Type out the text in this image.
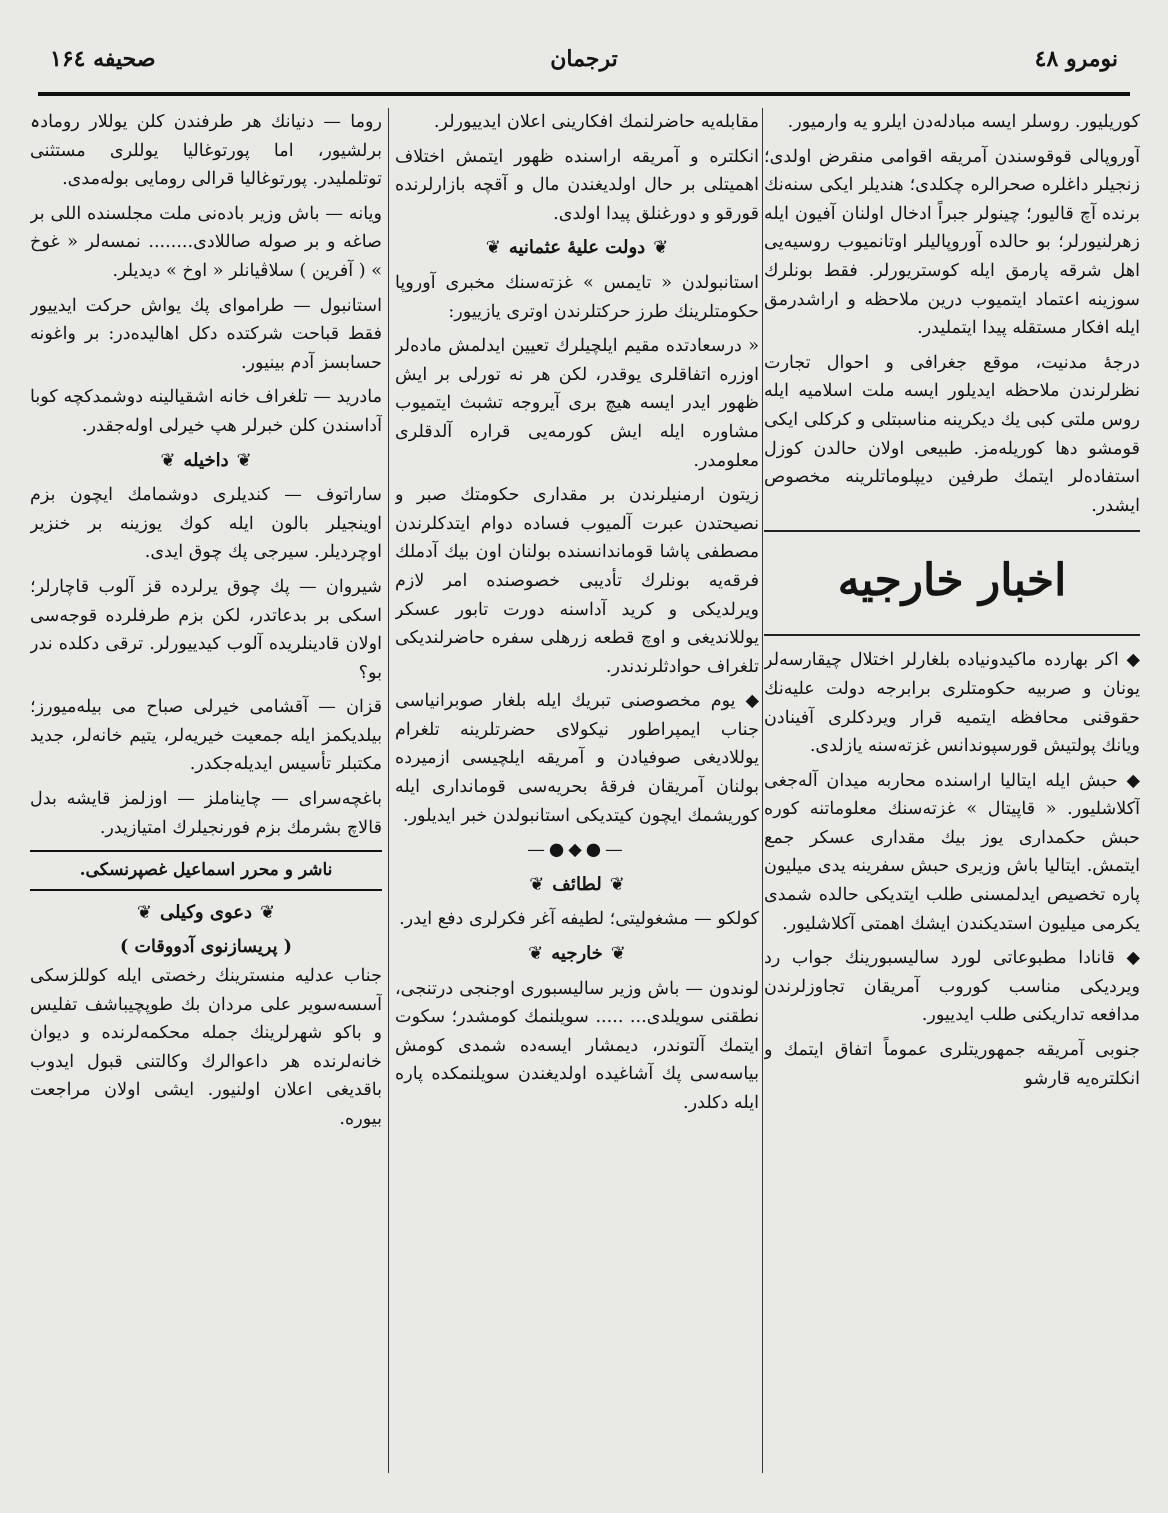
صحیفه ۱۶٤	ترجمان	نومرو ٤۸

کوریلیور. روسلر ایسه مبادله‌دن ایلرو یه وارمیور.

آوروپالی قوقوسندن آمریقه اقوامی منقرض اولدی؛ زنجیلر داغلره صحرالره چکلدی؛ هندیلر ایکی سنه‌نك برنده آچ قالیور؛ چینولر جبراً ادخال اولنان آفیون ایله زهرلنیورلر؛ بو حالده آوروپالیلر اوتانمیوب روسیه‌یی اهل شرقه پارمق ایله کوستریورلر. فقط بونلرك سوزینه اعتماد ایتمیوب درین ملاحظه و اراشدرمق ایله افکار مستقله پیدا ایتملیدر.

درجهٔ مدنیت، موقع جغرافی و احوال تجارت نظرلرندن ملاحظه ایدیلور ایسه ملت اسلامیه ایله روس ملتی کبی یك دیکرینه مناسبتلی و کرکلی ایکی قومشو دها کوریله‌مز. طبیعی اولان حالدن کوزل استفاده‌لر ایتمك طرفین دیپلوماتلرینه مخصوص ایشدر.

اخبار خارجیه

◆ اکر بهارده ماکیدونیاده بلغارلر اختلال چیقارسه‌لر یونان و صربیه حکومتلری برابرجه دولت علیه‌نك حقوقنی محافظه ایتمیه قرار ویردکلری آفینادن ویانك پولتیش قورسپوندانس غزته‌سنه یازلدی.

◆ حبش ایله ایتالیا اراسنده محاربه میدان آله‌جغی آکلاشلیور. « قاپیتال » غزته‌سنك معلوماتنه کوره حبش حکمداری یوز بیك مقداری عسکر جمع ایتمش. ایتالیا باش وزیری حبش سفرینه یدی میلیون پاره تخصیص ایدلمسنی طلب ایتدیکی حالده شمدی یکرمی میلیون استدیکندن ایشك اهمتی آکلاشلیور.

◆ قانادا مطبوعاتی لورد سالیسبورینك جواب رد ویردیکی مناسب کوروب آمریقان تجاوزلرندن مدافعه تداریکنی طلب ایدییور.

جنوبی آمریقه جمهوریتلری عموماً اتفاق ایتمك و انکلتره‌یه قارشو

مقابله‌یه حاضرلنمك افکارینی اعلان ایدییورلر.

انکلتره و آمریقه اراسنده ظهور ایتمش اختلاف اهمیتلی بر حال اولدیغندن مال و آقچه بازارلرنده قورقو و دورغنلق پیدا اولدی.

❦ دولت علیهٔ عثمانیه ❦

استانبولدن « تایمس » غزته‌سنك مخبری آوروپا حکومتلرینك طرز حرکتلرندن اوتری یازییور:

« درسعادتده مقیم ایلچیلرك تعیین ایدلمش ماده‌لر اوزره اتفاقلری یوقدر، لکن هر نه تورلی بر ایش ظهور ایدر ایسه هیچ بری آیروجه تشبث ایتمیوب مشاوره ایله ایش کورمه‌یی قراره آلدقلری معلومدر.

زیتون ارمنیلرندن بر مقداری حکومتك صبر و نصیحتدن عبرت آلمیوب فساده دوام ایتدکلرندن مصطفی پاشا قوماندانسنده بولنان اون بیك آدملك فرقه‌یه بونلرك تأدیبی خصوصنده امر لازم ویرلدیکی و کرید آداسنه دورت تابور عسکر یوللاندیغی و اوچ قطعه زرهلی سفره حاضرلندیکی تلغراف حوادثلرندندر.

◆ یوم مخصوصنی تبریك ایله بلغار صوبرانیاسی جناب ایمپراطور نیکولای حضرتلرینه تلغرام یوللادیغی صوفیادن و آمریقه ایلچیسی ازمیرده بولنان آمریقان فرقهٔ بحریه‌سی قومانداری ایله کوریشمك ایچون کیتدیکی استانبولدن خبر ایدیلور.

—●◆●—
❦ لطائف ❦

کولکو — مشغولیتی؛ لطیفه آغر فکرلری دفع ایدر.

❦ خارجیه ❦

لوندون — باش وزیر سالیسبوری اوجنجی درتنجی، نطقنی سویلدی... ..... سویلنمك کومشدر؛ سکوت ایتمك آلتوندر، دیمشار ایسه‌ده شمدی کومش بیاسه‌سی پك آشاغیده اولدیغندن سویلنمکده پاره ایله دکلدر.

روما — دنیانك هر طرفندن کلن یوللار رومادہ برلشیور، اما پورتوغالیا یوللری مستثنی توتلملیدر. پورتوغالیا قرالی رومایی بوله‌مدی.

ویانه — باش وزیر باده‌نی ملت مجلسنده اللی بر صاغه و بر صوله صاللادی........ نمسه‌لر « غوخ » ( آفرین ) سلاڤیانلر « اوخ » دیدیلر.

استانبول — طراموای پك یواش حرکت ایدییور فقط قباحت شرکتده دکل اهالیده‌در: بر واغونه حسابسز آدم بینیور.

مادرید — تلغراف خانه اشقیالینه دوشمدکچه کوبا آداسندن کلن خبرلر هپ خیرلی اوله‌جقدر.

❦ داخیله ❦

ساراتوف — کندیلری دوشمامك ایچون بزم اوینجیلر بالون ایله کوك یوزینه بر خنزیر اوچردیلر. سیرجی پك چوق ایدی.

شیروان — پك چوق یرلرده قز آلوب قاچارلر؛ اسکی بر بدعاتدر، لکن بزم طرفلرده قوجه‌سی اولان قادینلریده آلوب کیدییورلر. ترقی دکلده ندر بو؟

قزان — آقشامی خیرلی صباح می بیله‌میورز؛ بیلدیکمز ایله جمعیت خیریه‌لر، یتیم خانه‌لر، جدید مکتبلر تأسیس ایدیله‌جکدر.

باغچه‌سرای — چایناملز — اوزلمز قایشه بدل قالاچ بشرمك بزم فورنجیلرك امتیازیدر.

ناشر و محرر اسماعیل غصپرنسکی.
❦ دعوی وکیلی ❦
( پریسازنوی آدووقات )

جناب عدلیه منسترینك رخصتی ایله کوللزسکی آسسه‌سویر علی مردان بك طوپچیباشف تفلیس و باکو شهرلرینك جمله محکمه‌لرنده و دیوان خانه‌لرنده هر داعوالرك وکالتنی قبول ایدوب باقدیغی اعلان اولنیور. ایشی اولان مراجعت بیوره.
